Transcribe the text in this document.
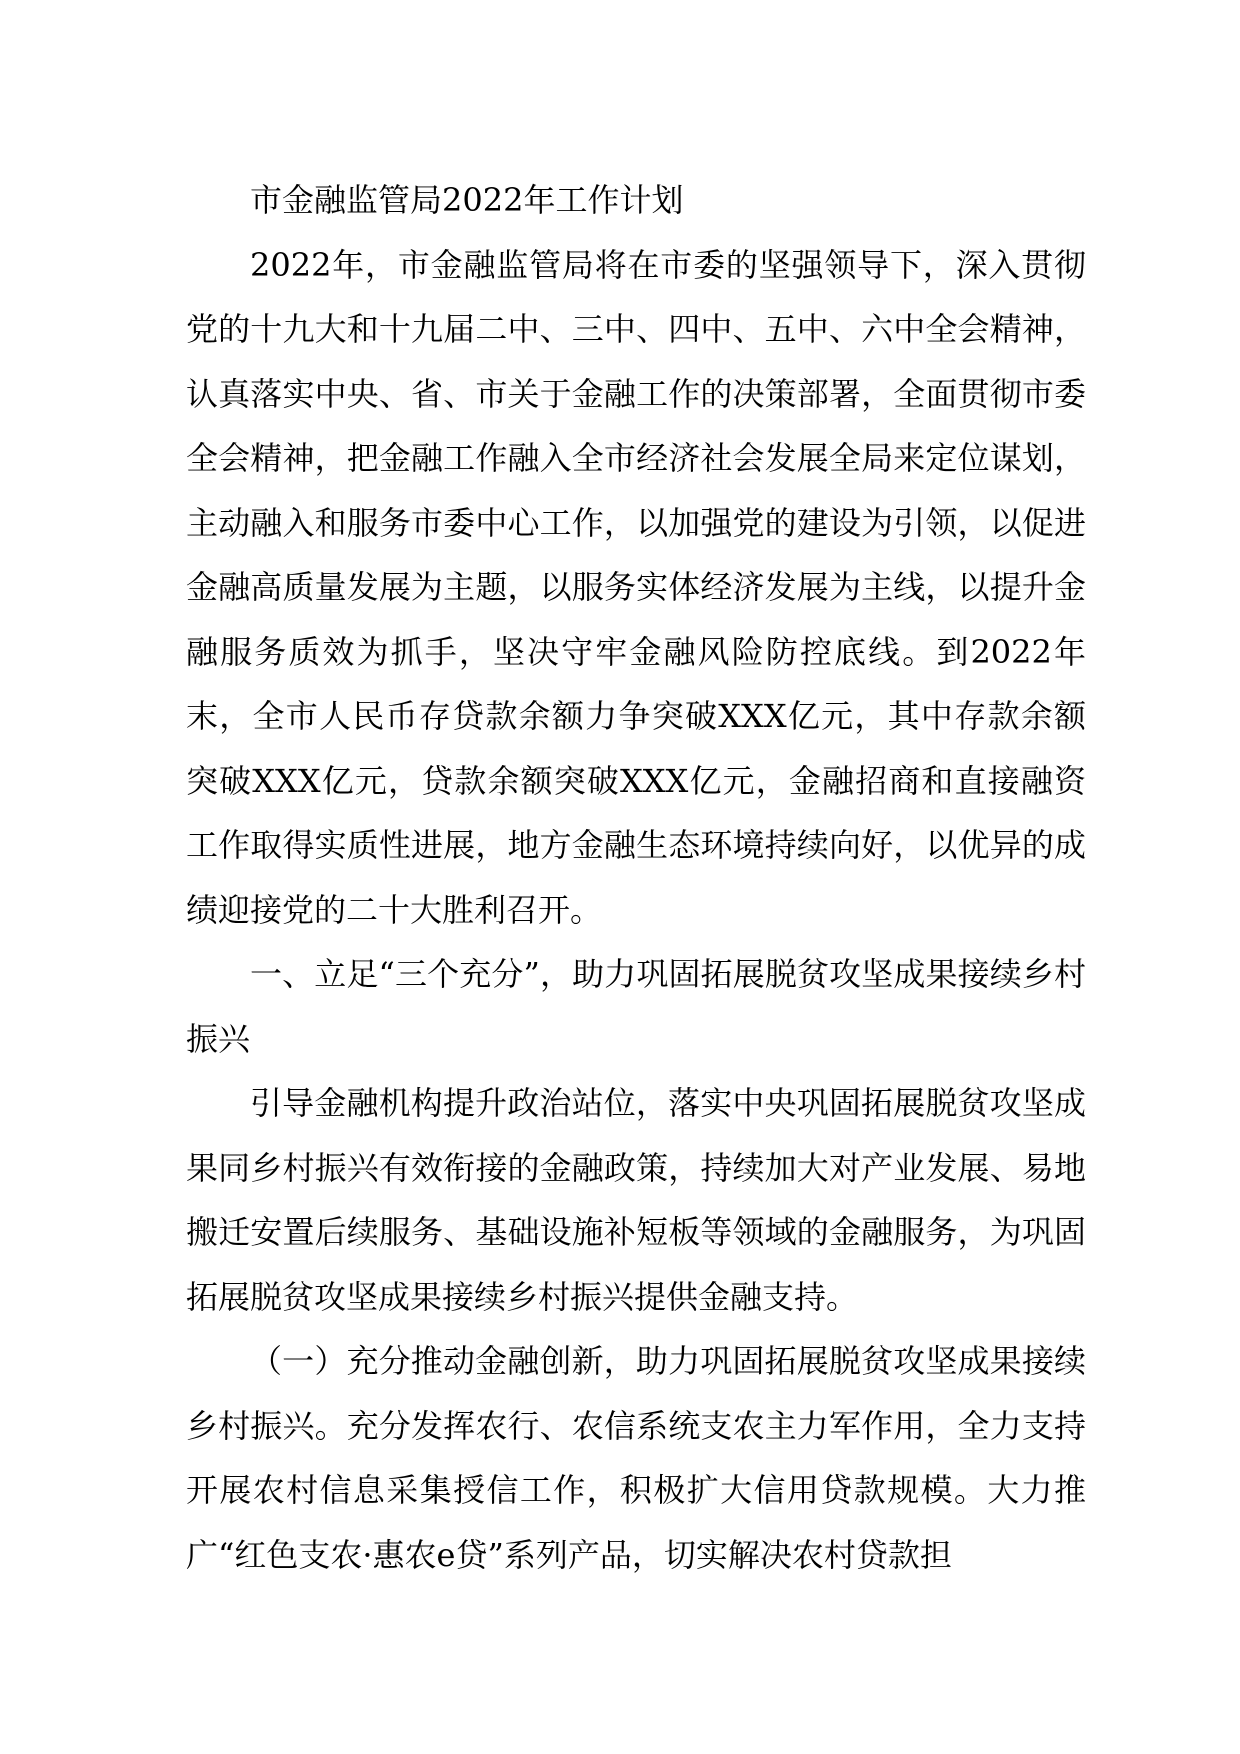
市金融监管局2022年工作计划

2022年，市金融监管局将在市委的坚强领导下，深入贯彻党的十九大和十九届二中、三中、四中、五中、六中全会精神，认真落实中央、省、市关于金融工作的决策部署，全面贯彻市委全会精神，把金融工作融入全市经济社会发展全局来定位谋划，主动融入和服务市委中心工作，以加强党的建设为引领，以促进金融高质量发展为主题，以服务实体经济发展为主线，以提升金融服务质效为抓手，坚决守牢金融风险防控底线。到2022年末，全市人民币存贷款余额力争突破XXX亿元，其中存款余额突破XXX亿元，贷款余额突破XXX亿元，金融招商和直接融资工作取得实质性进展，地方金融生态环境持续向好，以优异的成绩迎接党的二十大胜利召开。

一、立足“三个充分”，助力巩固拓展脱贫攻坚成果接续乡村振兴

引导金融机构提升政治站位，落实中央巩固拓展脱贫攻坚成果同乡村振兴有效衔接的金融政策，持续加大对产业发展、易地搬迁安置后续服务、基础设施补短板等领域的金融服务，为巩固拓展脱贫攻坚成果接续乡村振兴提供金融支持。

（一）充分推动金融创新，助力巩固拓展脱贫攻坚成果接续乡村振兴。充分发挥农行、农信系统支农主力军作用，全力支持开展农村信息采集授信工作，积极扩大信用贷款规模。大力推广“红色支农·惠农e贷”系列产品，切实解决农村贷款担
